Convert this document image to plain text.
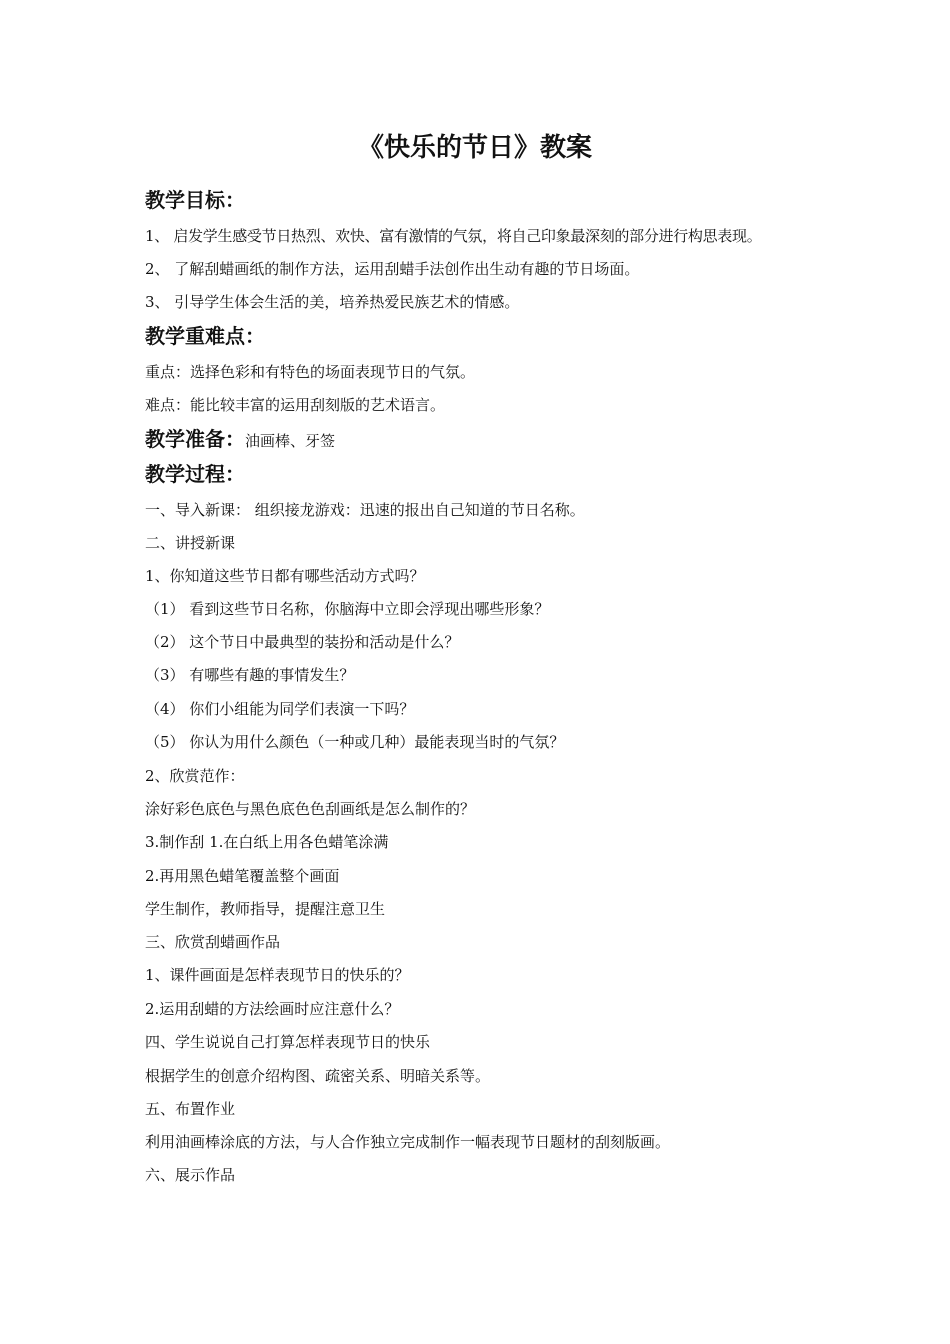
《快乐的节日》教案
教学目标：
1、 启发学生感受节日热烈、欢快、富有激情的气氛，将自己印象最深刻的部分进行构思表现。
2、 了解刮蜡画纸的制作方法，运用刮蜡手法创作出生动有趣的节日场面。
3、 引导学生体会生活的美，培养热爱民族艺术的情感。
教学重难点：
重点：选择色彩和有特色的场面表现节日的气氛。
难点：能比较丰富的运用刮刻版的艺术语言。
教学准备：油画棒、牙签
教学过程：
一、导入新课： 组织接龙游戏：迅速的报出自己知道的节日名称。
二、讲授新课
1、你知道这些节日都有哪些活动方式吗？
（1） 看到这些节日名称，你脑海中立即会浮现出哪些形象？
（2） 这个节日中最典型的装扮和活动是什么？
（3） 有哪些有趣的事情发生？
（4） 你们小组能为同学们表演一下吗？
（5） 你认为用什么颜色（一种或几种）最能表现当时的气氛？
2、欣赏范作：
涂好彩色底色与黑色底色色刮画纸是怎么制作的？
3.制作刮 1.在白纸上用各色蜡笔涂满
2.再用黑色蜡笔覆盖整个画面
学生制作，教师指导，提醒注意卫生
三、欣赏刮蜡画作品
1、课件画面是怎样表现节日的快乐的？
2.运用刮蜡的方法绘画时应注意什么？
四、学生说说自己打算怎样表现节日的快乐
根据学生的创意介绍构图、疏密关系、明暗关系等。
五、布置作业
利用油画棒涂底的方法，与人合作独立完成制作一幅表现节日题材的刮刻版画。
六、展示作品
